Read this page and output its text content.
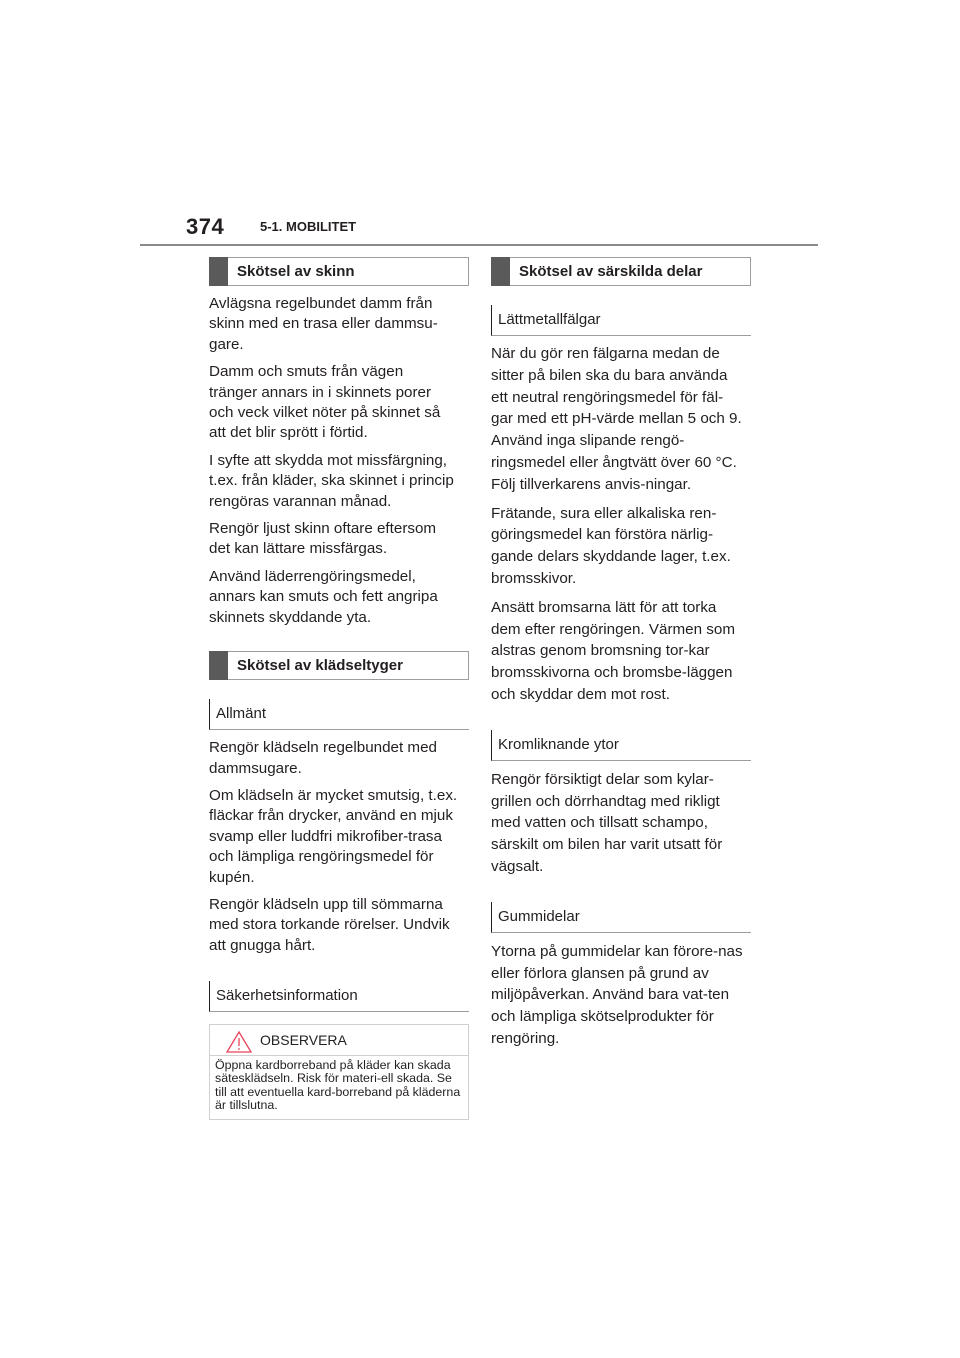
374	5-1. MOBILITET
Skötsel av skinn

Avlägsna regelbundet damm från skinn med en trasa eller dammsu-gare.

Damm och smuts från vägen tränger annars in i skinnets porer och veck vilket nöter på skinnet så att det blir sprött i förtid.

I syfte att skydda mot missfärgning, t.ex. från kläder, ska skinnet i princip rengöras varannan månad.

Rengör ljust skinn oftare eftersom det kan lättare missfärgas.

Använd läderrengöringsmedel, annars kan smuts och fett angripa skinnets skyddande yta.

Skötsel av klädseltyger
Allmänt

Rengör klädseln regelbundet med dammsugare.

Om klädseln är mycket smutsig, t.ex. fläckar från drycker, använd en mjuk svamp eller luddfri mikrofiber-trasa och lämpliga rengöringsmedel för kupén.

Rengör klädseln upp till sömmarna med stora torkande rörelser. Undvik att gnugga hårt.

Säkerhetsinformation
OBSERVERA
Öppna kardborreband på kläder kan skada sätesklädseln. Risk för materi-ell skada. Se till att eventuella kard-borreband på kläderna är tillslutna.
Skötsel av särskilda delar
Lättmetallfälgar

När du gör ren fälgarna medan de sitter på bilen ska du bara använda ett neutral rengöringsmedel för fäl-gar med ett pH-värde mellan 5 och 9. Använd inga slipande rengö-ringsmedel eller ångtvätt över 60 °C. Följ tillverkarens anvis-ningar.

Frätande, sura eller alkaliska ren-göringsmedel kan förstöra närlig-gande delars skyddande lager, t.ex. bromsskivor.

Ansätt bromsarna lätt för att torka dem efter rengöringen. Värmen som alstras genom bromsning tor-kar bromsskivorna och bromsbe-läggen och skyddar dem mot rost.

Kromliknande ytor

Rengör försiktigt delar som kylar-grillen och dörrhandtag med rikligt med vatten och tillsatt schampo, särskilt om bilen har varit utsatt för vägsalt.

Gummidelar

Ytorna på gummidelar kan förore-nas eller förlora glansen på grund av miljöpåverkan. Använd bara vat-ten och lämpliga skötselprodukter för rengöring.
